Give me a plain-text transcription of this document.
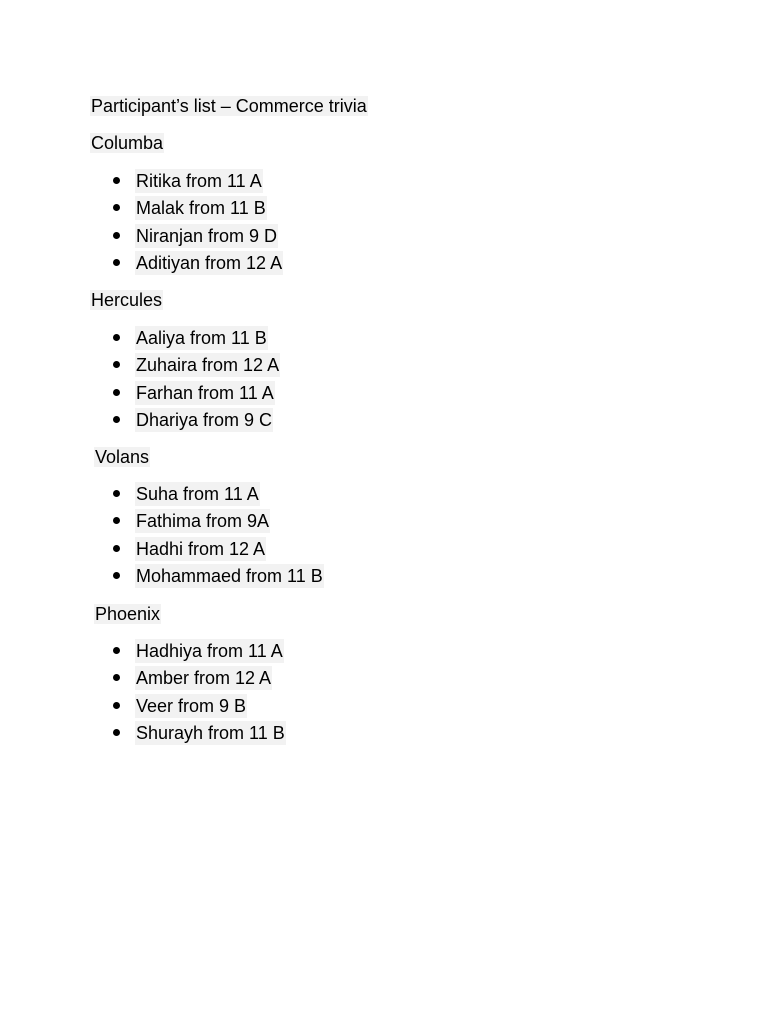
Participant’s list – Commerce trivia
Columba
Ritika from 11 A
Malak from 11 B
Niranjan from 9 D
Aditiyan from 12 A
Hercules
Aaliya from 11 B
Zuhaira from 12 A
Farhan from 11 A
Dhariya from 9 C
Volans
Suha from 11 A
Fathima from 9A
Hadhi from 12 A
Mohammaed from 11 B
Phoenix
Hadhiya from 11 A
Amber from 12 A
Veer from 9 B
Shurayh from 11 B
